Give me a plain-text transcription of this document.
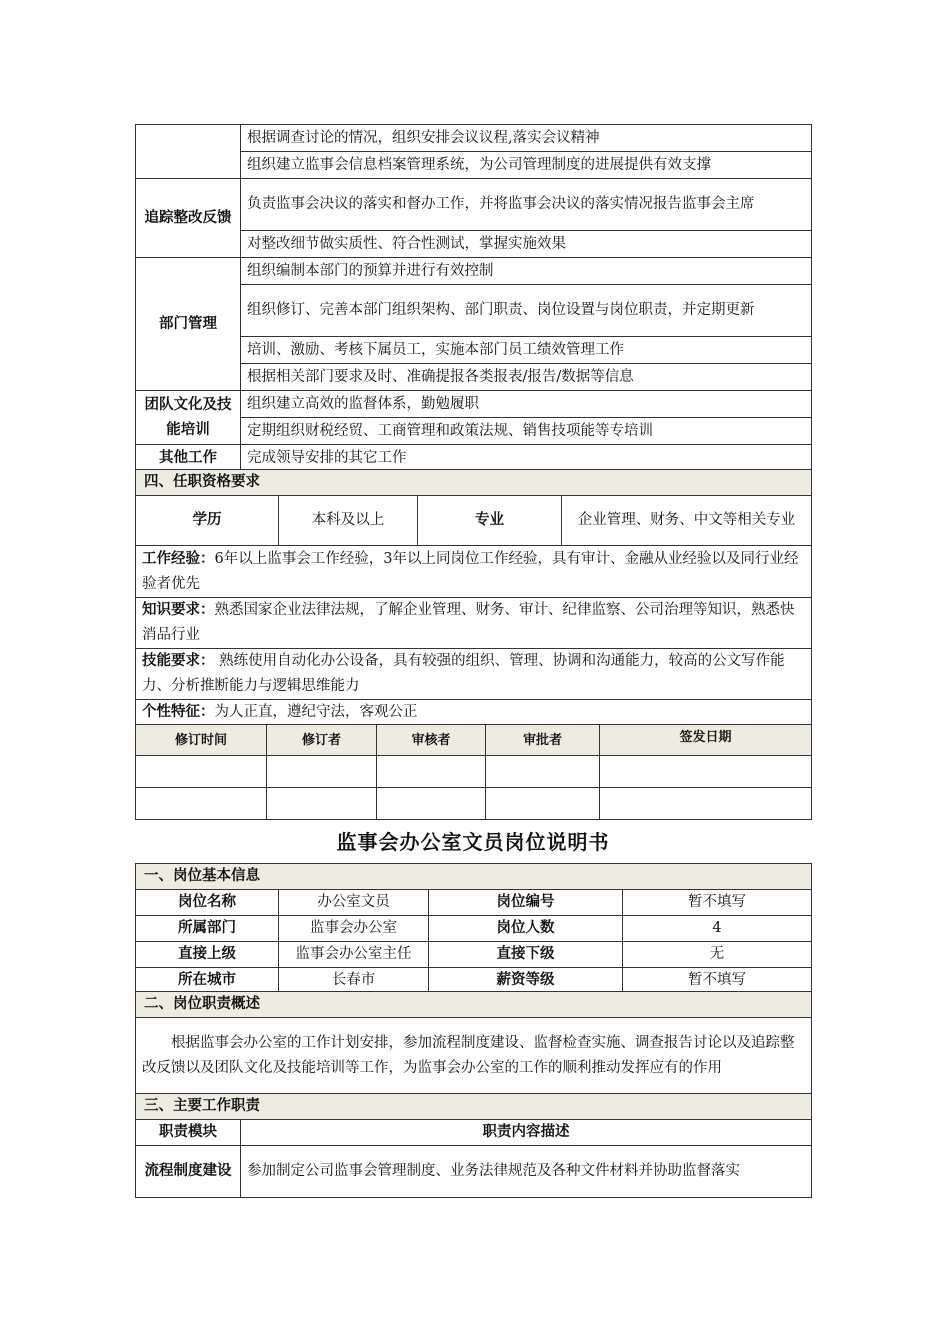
	根据调查讨论的情况，组织安排会议议程,落实会议精神
	组织建立监事会信息档案管理系统，为公司管理制度的进展提供有效支撑
追踪整改反馈	负责监事会决议的落实和督办工作，并将监事会决议的落实情况报告监事会主席
	对整改细节做实质性、符合性测试，掌握实施效果
部门管理	组织编制本部门的预算并进行有效控制
	组织修订、完善本部门组织架构、部门职责、岗位设置与岗位职责，并定期更新
	培训、激励、考核下属员工，实施本部门员工绩效管理工作
	根据相关部门要求及时、准确提报各类报表/报告/数据等信息
团队文化及技能培训	组织建立高效的监督体系，勤勉履职
	定期组织财税经贸、工商管理和政策法规、销售技项能等专培训
其他工作	完成领导安排的其它工作
四、任职资格要求
学历	本科及以上	专业	企业管理、财务、中文等相关专业
工作经验：6年以上监事会工作经验，3年以上同岗位工作经验，具有审计、金融从业经验以及同行业经验者优先
知识要求：熟悉国家企业法律法规，了解企业管理、财务、审计、纪律监察、公司治理等知识，熟悉快消品行业
技能要求： 熟练使用自动化办公设备，具有较强的组织、管理、协调和沟通能力，较高的公文写作能力、分析推断能力与逻辑思维能力
个性特征：为人正直，遵纪守法，客观公正
修订时间	修订者	审核者	审批者	签发日期

监事会办公室文员岗位说明书
一、岗位基本信息			
岗位名称	办公室文员	岗位编号	暂不填写
所属部门	监事会办公室	岗位人数	4
直接上级	监事会办公室主任	直接下级	无
所在城市	长春市	薪资等级	暂不填写
二、岗位职责概述	
根据监事会办公室的工作计划安排，参加流程制度建设、监督检查实施、调查报告讨论以及追踪整改反馈以及团队文化及技能培训等工作，为监事会办公室的工作的顺利推动发挥应有的作用	
三、主要工作职责	
职责模块	职责内容描述
流程制度建设	参加制定公司监事会管理制度、业务法律规范及各种文件材料并协助监督落实
